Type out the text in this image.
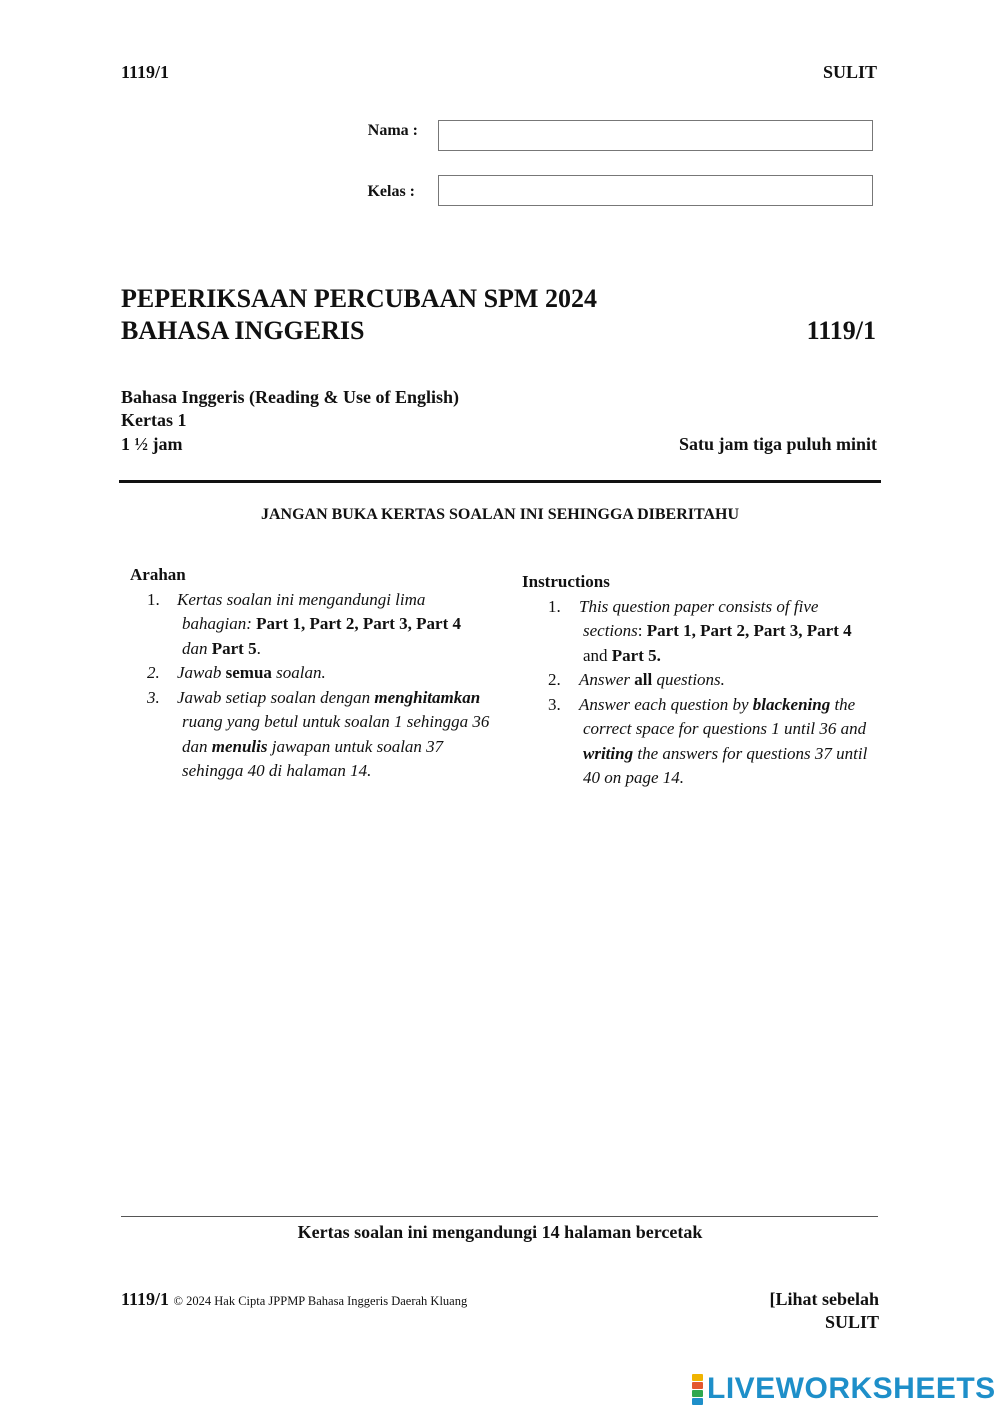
1119/1	SULIT
Nama :
Kelas :
PEPERIKSAAN PERCUBAAN SPM 2024
BAHASA INGGERIS	1119/1
Bahasa Inggeris (Reading & Use of English)
Kertas 1
1 ½ jam	Satu jam tiga puluh minit
JANGAN BUKA KERTAS SOALAN INI SEHINGGA DIBERITAHU
Arahan
1. Kertas soalan ini mengandungi lima bahagian: Part 1, Part 2, Part 3, Part 4 dan Part 5.
2. Jawab semua soalan.
3. Jawab setiap soalan dengan menghitamkan ruang yang betul untuk soalan 1 sehingga 36 dan menulis jawapan untuk soalan 37 sehingga 40 di halaman 14.
Instructions
1. This question paper consists of five sections: Part 1, Part 2, Part 3, Part 4 and Part 5.
2. Answer all questions.
3. Answer each question by blackening the correct space for questions 1 until 36 and writing the answers for questions 37 until 40 on page 14.
Kertas soalan ini mengandungi 14 halaman bercetak
1119/1 © 2024 Hak Cipta JPPMP Bahasa Inggeris Daerah Kluang	[Lihat sebelah
SULIT
LIVEWORKSHEETS
